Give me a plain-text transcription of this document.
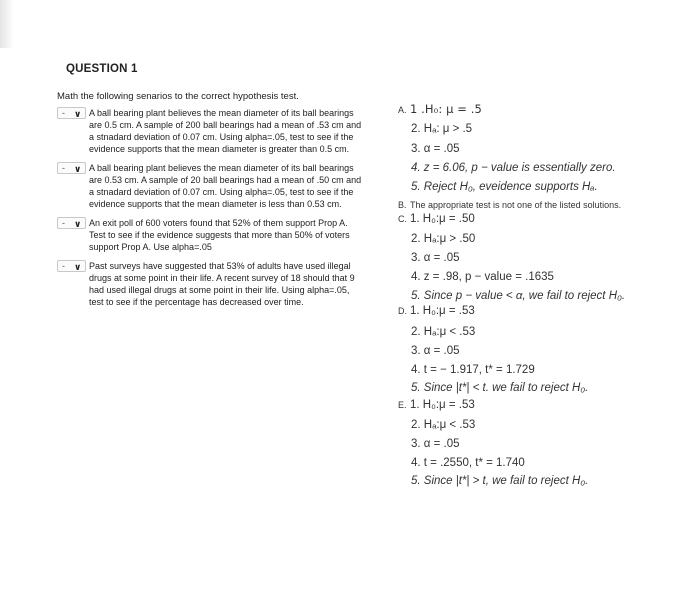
QUESTION 1
Math the following senarios to the correct hypothesis test.
- ∨ A ball bearing plant believes the mean diameter of its ball bearings
are 0.5 cm. A sample of 200 ball bearings had a mean of .53 cm and
a stnadard deviation of 0.07 cm. Using alpha=.05, test to see if the
evidence supports that the mean diameter is greater than 0.5 cm.
- ∨ A ball bearing plant believes the mean diameter of its ball bearings
are 0.53 cm. A sample of 20 ball bearings had a mean of .50 cm and
a stnadard deviation of 0.07 cm. Using alpha=.05, test to see if the
evidence supports that the mean diameter is less than 0.53 cm.
- ∨ An exit poll of 600 voters found that 52% of them support Prop A.
Test to see if the evidence suggests that more than 50% of voters
support Prop A. Use alpha=.05
- ∨ Past surveys have suggested that 53% of adults have used illegal
drugs at some point in their life. A recent survey of 18 should that 9
had used illegal drugs at some point in their life. Using alpha=.05,
test to see if the percentage has decreased over time.
A. 1 .H₀: μ = .5
2. Hₐ: μ > .5
3. α = .05
4. z = 6.06, p − value is essentially zero.
5. Reject H₀, eveidence supports Hₐ.
B. The appropriate test is not one of the listed solutions.
C. 1. H₀:μ = .50
2. Hₐ:μ > .50
3. α = .05
4. z = .98, p − value = .1635
5. Since p − value < α, we fail to reject H₀.
D. 1. H₀:μ = .53
2. Hₐ:μ < .53
3. α = .05
4. t = − 1.917, t* = 1.729
5. Since |t*| < t. we fail to reject H₀.
E. 1. H₀:μ = .53
2. Hₐ:μ < .53
3. α = .05
4. t = .2550, t* = 1.740
5. Since |t*| > t, we fail to reject H₀.
